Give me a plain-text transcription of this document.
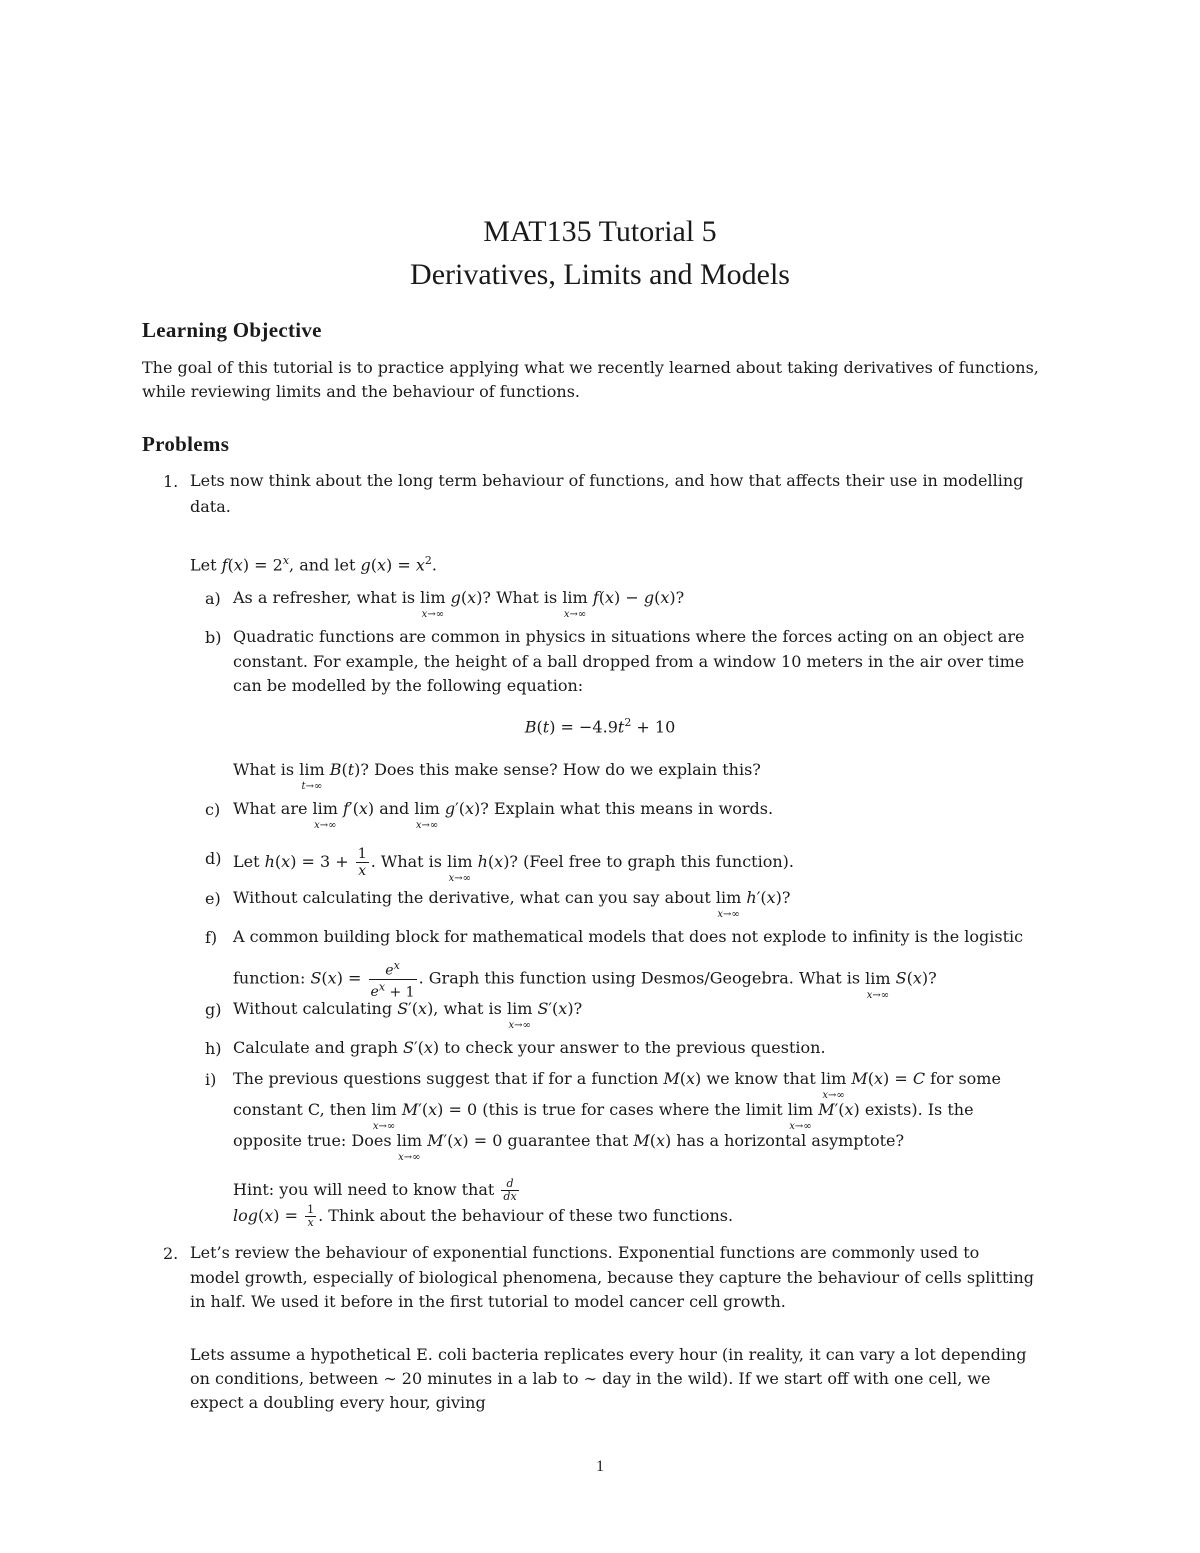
MAT135 Tutorial 5
Derivatives, Limits and Models
Learning Objective
The goal of this tutorial is to practice applying what we recently learned about taking derivatives of functions,
while reviewing limits and the behaviour of functions.
Problems
1. Lets now think about the long term behaviour of functions, and how that affects their use in modelling
data.
Let $f(x) = 2^x$, and let $g(x) = x^2$.
a) As a refresher, what is lim
x→∞
g(x)? What is lim
x→∞
f(x) − g(x)?
b) Quadratic functions are common in physics in situations where the forces acting on an object are
constant. For example, the height of a ball dropped from a window 10 meters in the air over time
can be modelled by the following equation:
$B(t) = -4.9t^2 + 10$
What is lim
t→∞
B(t)? Does this make sense? How do we explain this?
c) What are lim
x→∞
f′(x) and lim
x→∞
g′(x)? Explain what this means in words.
d) Let $h(x) = 3 + \frac{1}{x}$ . What is lim
x→∞
h(x)? (Feel free to graph this function).
e) Without calculating the derivative, what can you say about lim
x→∞
h′(x)?
f) A common building block for mathematical models that does not explode to infinity is the logistic
function: $S(x) = \frac{e^x}{e^x + 1}$ . Graph this function using Desmos/Geogebra. What is lim
x→∞
S(x)?
g) Without calculating S′(x), what is lim
x→∞
S′(x)?
h) Calculate and graph S′(x) to check your answer to the previous question.
i) The previous questions suggest that if for a function M(x) we know that lim
x→∞
M(x) = C for some
constant C, then lim
x→∞
M′(x) = 0 (this is true for cases where the limit lim
x→∞
M′(x) exists). Is the
opposite true: Does lim
x→∞
M′(x) = 0 guarantee that M(x) has a horizontal asymptote?
Hint: you will need to know that $\frac{d}{dx}$
$\log(x) = \frac{1}{x}$ . Think about the behaviour of these two functions.
2. Let’s review the behaviour of exponential functions. Exponential functions are commonly used to
model growth, especially of biological phenomena, because they capture the behaviour of cells splitting
in half. We used it before in the first tutorial to model cancer cell growth.
Lets assume a hypothetical E. coli bacteria replicates every hour (in reality, it can vary a lot depending
on conditions, between ∼ 20 minutes in a lab to ∼ day in the wild). If we start off with one cell, we
expect a doubling every hour, giving
1
